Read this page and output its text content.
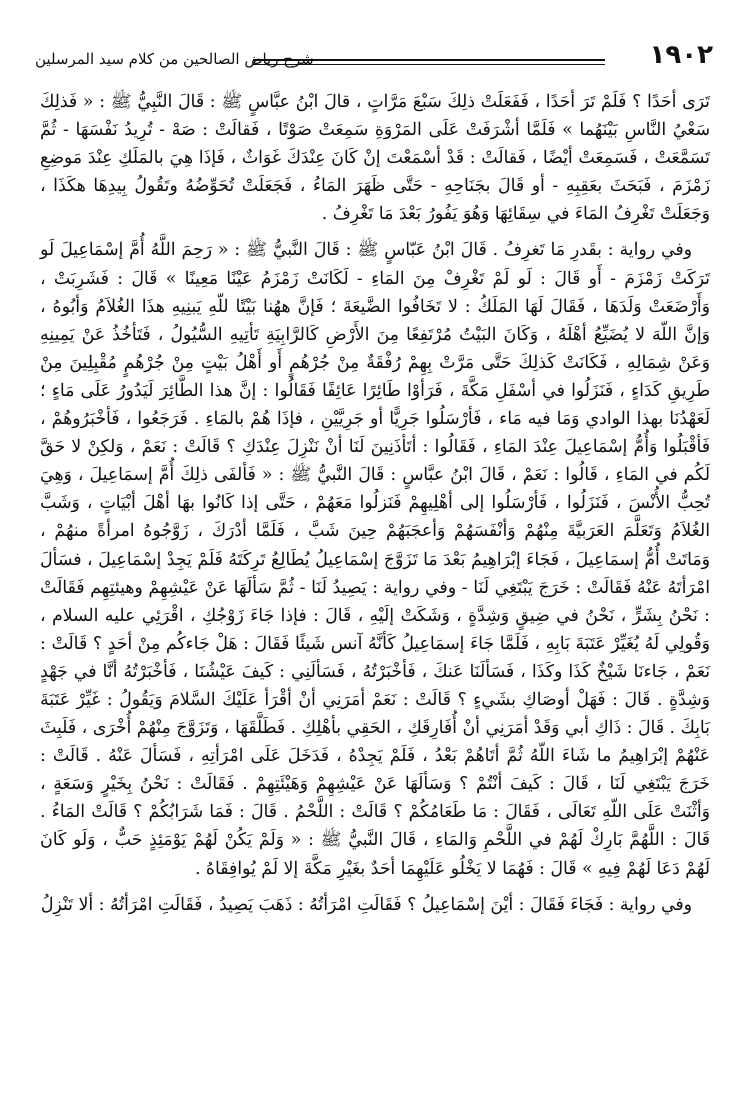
١٩٠٢
شرح رياض الصالحين من كلام سيد المرسلين

تَرَى أحَدًا ؟ فَلَمْ تَرَ أحَدًا ، فَفَعَلَتْ ذلِكَ سَبْعَ مَرَّاتٍ ، قالَ ابْنُ عبَّاسٍ ﷺ : قَالَ النَّبِيُّ ﷺ : « فَذلِكَ سَعْيُ النَّاسِ بَيْنَهُما » فَلَمَّا أشْرَفَتْ عَلَى المَرْوَةِ سَمِعَتْ صَوْتًا ، فَقالَتْ : صَهْ - تُرِيدُ نَفْسَهَا - ثُمَّ تَسَمَّعَتْ ، فَسَمِعَتْ أيْضًا ، فَقالَتْ : قَدْ أسْمَعْتَ إنْ كَانَ عِنْدَكَ غَوَاثٌ ، فَإذَا هِيَ بالمَلَكِ عِنْدَ مَوضِعِ زَمْزَمَ ، فَبَحَثَ بعَقِبِهِ - أو قَالَ بجَنَاحِهِ - حَتَّى ظَهَرَ المَاءُ ، فَجَعَلَتْ تُحَوِّضُهُ وتَقُولُ بِيدِهَا هكَذَا ، وَجَعَلَتْ تَغْرِفُ المَاءَ في سِقَائِهَا وَهُوَ يَفُورُ بَعْدَ مَا تَغْرِفُ .

وفي رواية : بقَدرِ مَا تَغرِفُ . قَالَ ابْنُ عَبّاسٍ ﷺ : قَالَ النَّبيُّ ﷺ : « رَحِمَ اللَّهُ أُمَّ إسْمَاعِيلَ لَو تَرَكَتْ زَمْزَمَ - أَو قَالَ : لَو لَمْ تَغْرِفْ مِنَ المَاءِ - لَكَانَتْ زَمْزَمُ عَيْنًا مَعِينًا » قَالَ : فَشَرِبَتْ ، وَأَرْضَعَتْ وَلَدَهَا ، فَقَالَ لَهَا المَلَكُ : لا تَخَافُوا الضَّيعَةَ ؛ فَإنَّ ههُنا بَيْتًا للّهِ يَبنِيهِ هذَا الغُلاَمُ وَأبُوهُ ، وَإنَّ اللّهَ لا يُضَيِّعُ أهْلَهُ ، وَكَانَ البَيْتُ مُرْتَفِعًا مِنَ الأَرْضِ كَالرَّابِيَةِ تَأتِيهِ السُّيُولُ ، فَتَأخُذُ عَنْ يَمِينِهِ وَعَنْ شِمَالِهِ ، فَكَانَتْ كَذلِكَ حَتَّى مَرَّتْ بِهِمْ رُفْقَةٌ مِنْ جُرْهُمٍ أَو أَهْلُ بَيْتٍ مِنْ جُرْهُمٍ مُقْبِلِينَ مِنْ طَرِيقِ كَدَاءٍ ، فَنَزَلُوا في أسْفَلِ مَكَّةَ ، فَرَأوْا طَائِرًا عَائِفًا فَقَالُوا : إنَّ هذا الطَّائِرَ لَيَدُورُ عَلَى مَاءٍ ؛ لَعَهْدُنَا بهذا الوادي وَمَا فيه مَاء ، فَأرْسَلُوا جَرِيًّا أو جَرِيَّيْنِ ، فإذَا هُمْ بالمَاءِ . فَرَجَعُوا ، فَأخْبَرُوهُمْ ، فَأقْبَلُوا وَأُمُّ إسْمَاعِيلَ عِنْدَ المَاءِ ، فَقَالُوا : أتَأذَنِينَ لَنَا أنْ نَنْزِلَ عِنْدَكِ ؟ قَالَتْ : نَعَمْ ، وَلكِنْ لا حَقَّ لَكُم في المَاءِ ، قَالُوا : نَعَمْ ، قَالَ ابْنُ عبَّاسٍ : قَالَ النَّبيُّ ﷺ : « فَألفَى ذلِكَ أُمَّ إسمَاعِيلَ ، وَهِيَ تُحِبُّ الأُنْسَ ، فَنَزَلُوا ، فَأرْسَلُوا إلى أهْلِيهِمْ فَنَزلُوا مَعَهُمْ ، حَتَّى إذا كَانُوا بهَا أهْلَ أبْيَاتٍ ، وَشَبَّ الغُلاَمُ وَتَعَلَّمَ العَرَبيَّةَ مِنْهُمْ وَأنْفَسَهُمْ وَأعجَبَهُمْ حِينَ شَبَّ ، فَلَمَّا أدْرَكَ ، زَوَّجُوهُ امرأةً منهُمْ ، وَمَاتَتْ أُمُّ إسمَاعِيلَ ، فَجَاءَ إبْرَاهِيمُ بَعْدَ مَا تَزَوَّجَ إسْمَاعِيلُ يُطَالِعُ تَرِكَتَهُ فَلَمْ يَجِدْ إسْمَاعِيلَ ، فسَألَ امْرَأتَهُ عَنْهُ فَقَالَتْ : خَرَجَ يَبْتَغِي لَنَا - وفي رواية : يَصِيدُ لَنَا - ثُمَّ سَألَهَا عَنْ عَيْشِهِمْ وهيئتِهِم فَقَالَتْ : نَحْنُ بِشَرٍّ ، نَحْنُ في ضِيقٍ وَشِدَّةٍ ، وَشَكَتْ إلَيْهِ ، قَالَ : فإذا جَاءَ زَوْجُكِ ، اقْرَئِي عليه السلام ، وَقُولِي لَهُ يُغَيِّرْ عَتَبَةَ بَابِهِ ، فَلَمَّا جَاءَ إسمَاعِيلُ كَأنَّهُ آنس شَيئًا فَقَالَ : هَلْ جَاءكُم مِنْ أحَدٍ ؟ قَالَتْ : نَعَمْ ، جَاءنَا شَيْخٌ كَذَا وكَذَا ، فَسَألَنَا عَنكَ ، فَأخْبَرْتُهُ ، فَسَألَنِي : كَيفَ عَيْشُنَا ، فَأخْبَرْتُهُ أنَّا في جَهْدٍ وَشِدَّةٍ . قَالَ : فَهَلْ أوصَاكِ بشَيءٍ ؟ قَالَتْ : نَعَمْ أمَرَنِي أنْ أقْرَأ عَلَيْكَ السَّلامَ وَيَقُولُ : غَيِّرْ عَتَبَةَ بَابِكَ . قَالَ : ذَاكِ أبي وَقَدْ أمَرَنِي أنْ أُفَارِقَكِ ، الحَقِي بأهْلِكِ . فَطَلَّقَهَا ، وَتَزَوَّجَ مِنْهُمْ أُخْرَى ، فَلَبِثَ عَنْهُمْ إبْرَاهِيمُ ما شَاءَ اللّهُ ثُمَّ أتَاهُمْ بَعْدُ ، فَلَمْ يَجِدْهُ ، فَدَخَلَ عَلَى امْرَأتِهِ ، فَسَألَ عَنْهُ . قَالَتْ : خَرَجَ يَبْتَغِي لَنَا ، قَالَ : كَيفَ أنْتُمْ ؟ وَسَألَهَا عَنْ عَيْشِهِمْ وَهَيْئَتِهِمْ . فَقَالَتْ : نَحْنُ بِخَيْرٍ وَسَعَةٍ ، وَأثْنَتْ عَلَى اللّهِ تَعَالَى ، فَقَالَ : مَا طَعَامُكُمْ ؟ قَالَتْ : اللَّحْمُ . قَالَ : فَمَا شَرَابُكُمْ ؟ قَالَتْ المَاءُ . قَالَ : اللَّهُمَّ بَارِكْ لَهُمْ في اللَّحْمِ وَالمَاءِ ، قَالَ النَّبيُّ ﷺ : « وَلَمْ يَكُنْ لَهُمْ يَوْمَئِذٍ حَبٌّ ، وَلَو كَانَ لَهُمْ دَعَا لَهُمْ فِيهِ » قَالَ : فَهُمَا لا يَخْلُو عَلَيْهِمَا أحَدٌ بغَيْرِ مَكَّةَ إلا لَمْ يُوافِقَاهُ .

وفي رواية : فَجَاءَ فَقَالَ : أيْنَ إسْمَاعِيلُ ؟ فَقَالَتِ امْرَأتُهُ : ذَهَبَ يَصِيدُ ، فَقَالَتِ امْرَأتُهُ : ألا تَنْزِلُ
